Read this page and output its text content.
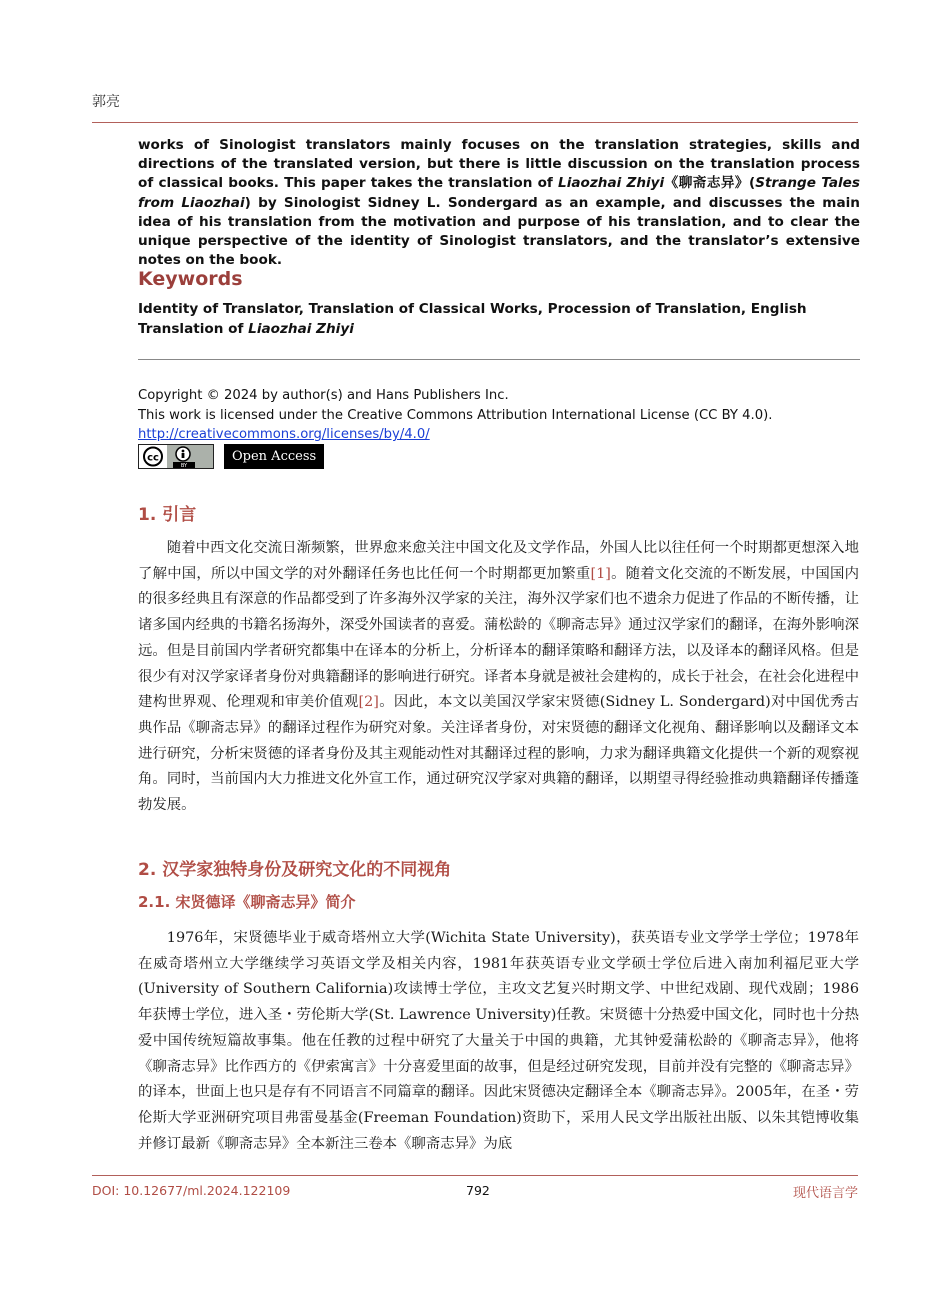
郭亮
works of Sinologist translators mainly focuses on the translation strategies, skills and directions of the translated version, but there is little discussion on the translation process of classical books. This paper takes the translation of Liaozhai Zhiyi《聊斋志异》(Strange Tales from Liaozhai) by Sinologist Sidney L. Sondergard as an example, and discusses the main idea of his translation from the motivation and purpose of his translation, and to clear the unique perspective of the identity of Sinologist translators, and the translator’s extensive notes on the book.
Keywords
Identity of Translator, Translation of Classical Works, Procession of Translation, English Translation of Liaozhai Zhiyi
Copyright © 2024 by author(s) and Hans Publishers Inc.
This work is licensed under the Creative Commons Attribution International License (CC BY 4.0).
http://creativecommons.org/licenses/by/4.0/
cc
BY
Open Access
1. 引言
随着中西文化交流日渐频繁，世界愈来愈关注中国文化及文学作品，外国人比以往任何一个时期都更想深入地了解中国，所以中国文学的对外翻译任务也比任何一个时期都更加繁重[1]。随着文化交流的不断发展，中国国内的很多经典且有深意的作品都受到了许多海外汉学家的关注，海外汉学家们也不遗余力促进了作品的不断传播，让诸多国内经典的书籍名扬海外，深受外国读者的喜爱。蒲松龄的《聊斋志异》通过汉学家们的翻译，在海外影响深远。但是目前国内学者研究都集中在译本的分析上，分析译本的翻译策略和翻译方法，以及译本的翻译风格。但是很少有对汉学家译者身份对典籍翻译的影响进行研究。译者本身就是被社会建构的，成长于社会，在社会化进程中建构世界观、伦理观和审美价值观[2]。因此，本文以美国汉学家宋贤德(Sidney L. Sondergard)对中国优秀古典作品《聊斋志异》的翻译过程作为研究对象。关注译者身份，对宋贤德的翻译文化视角、翻译影响以及翻译文本进行研究，分析宋贤德的译者身份及其主观能动性对其翻译过程的影响，力求为翻译典籍文化提供一个新的观察视角。同时，当前国内大力推进文化外宣工作，通过研究汉学家对典籍的翻译，以期望寻得经验推动典籍翻译传播蓬勃发展。
2. 汉学家独特身份及研究文化的不同视角
2.1. 宋贤德译《聊斋志异》简介
1976年，宋贤德毕业于威奇塔州立大学(Wichita State University)，获英语专业文学学士学位；1978年在威奇塔州立大学继续学习英语文学及相关内容，1981年获英语专业文学硕士学位后进入南加利福尼亚大学(University of Southern California)攻读博士学位，主攻文艺复兴时期文学、中世纪戏剧、现代戏剧；1986年获博士学位，进入圣・劳伦斯大学(St. Lawrence University)任教。宋贤德十分热爱中国文化，同时也十分热爱中国传统短篇故事集。他在任教的过程中研究了大量关于中国的典籍，尤其钟爱蒲松龄的《聊斋志异》，他将《聊斋志异》比作西方的《伊索寓言》十分喜爱里面的故事，但是经过研究发现，目前并没有完整的《聊斋志异》的译本，世面上也只是存有不同语言不同篇章的翻译。因此宋贤德决定翻译全本《聊斋志异》。2005年，在圣・劳伦斯大学亚洲研究项目弗雷曼基金(Freeman Foundation)资助下，采用人民文学出版社出版、以朱其铠博收集并修订最新《聊斋志异》全本新注三卷本《聊斋志异》为底
DOI: 10.12677/ml.2024.122109	792	现代语言学
